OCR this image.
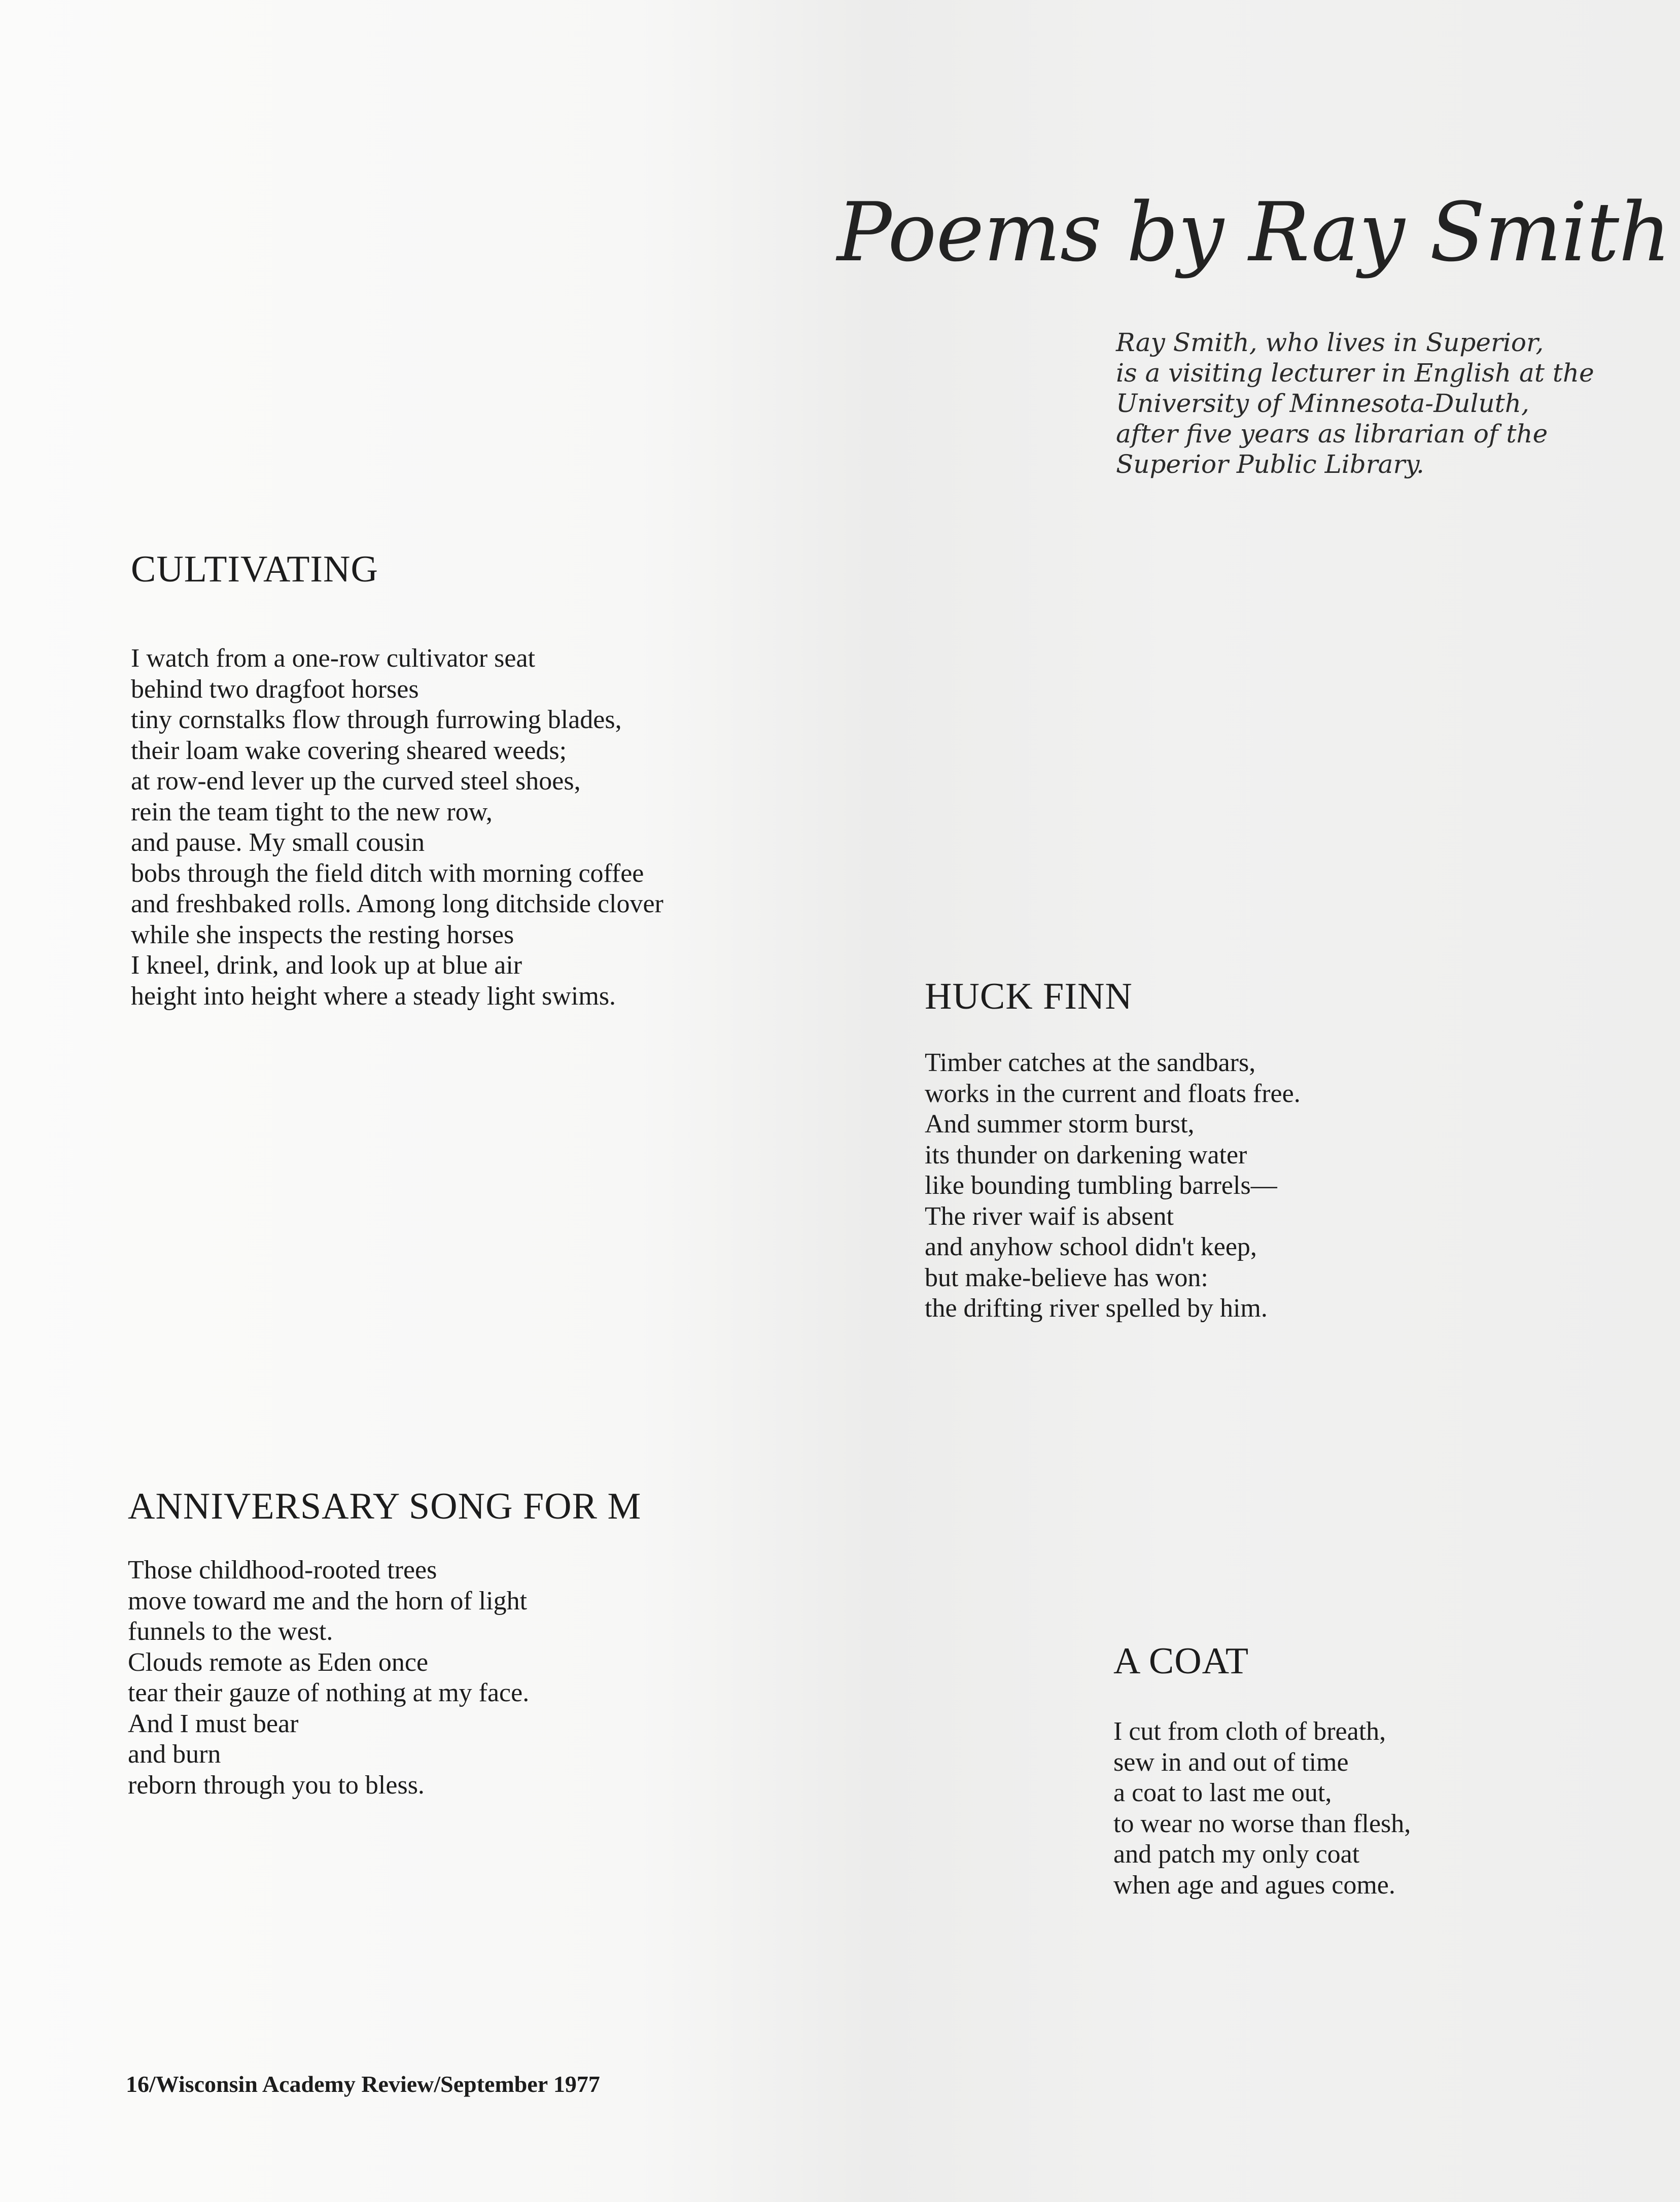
Poems by Ray Smith
Ray Smith, who lives in Superior,
is a visiting lecturer in English at the
University of Minnesota-Duluth,
after five years as librarian of the
Superior Public Library.
CULTIVATING
I watch from a one-row cultivator seat
behind two dragfoot horses
tiny cornstalks flow through furrowing blades,
their loam wake covering sheared weeds;
at row-end lever up the curved steel shoes,
rein the team tight to the new row,
and pause. My small cousin
bobs through the field ditch with morning coffee
and freshbaked rolls. Among long ditchside clover
while she inspects the resting horses
I kneel, drink, and look up at blue air
height into height where a steady light swims.	HUCK FINN
Timber catches at the sandbars,
works in the current and floats free.
And summer storm burst,
its thunder on darkening water
like bounding tumbling barrels—
The river waif is absent
and anyhow school didn't keep,
but make-believe has won:
the drifting river spelled by him.
ANNIVERSARY SONG FOR M
Those childhood-rooted trees
move toward me and the horn of light
funnels to the west.
Clouds remote as Eden once
tear their gauze of nothing at my face.
And I must bear
and burn
reborn through you to bless.
A COAT
I cut from cloth of breath,
sew in and out of time
a coat to last me out,
to wear no worse than flesh,
and patch my only coat
when age and agues come.
16/Wisconsin Academy Review/September 1977
